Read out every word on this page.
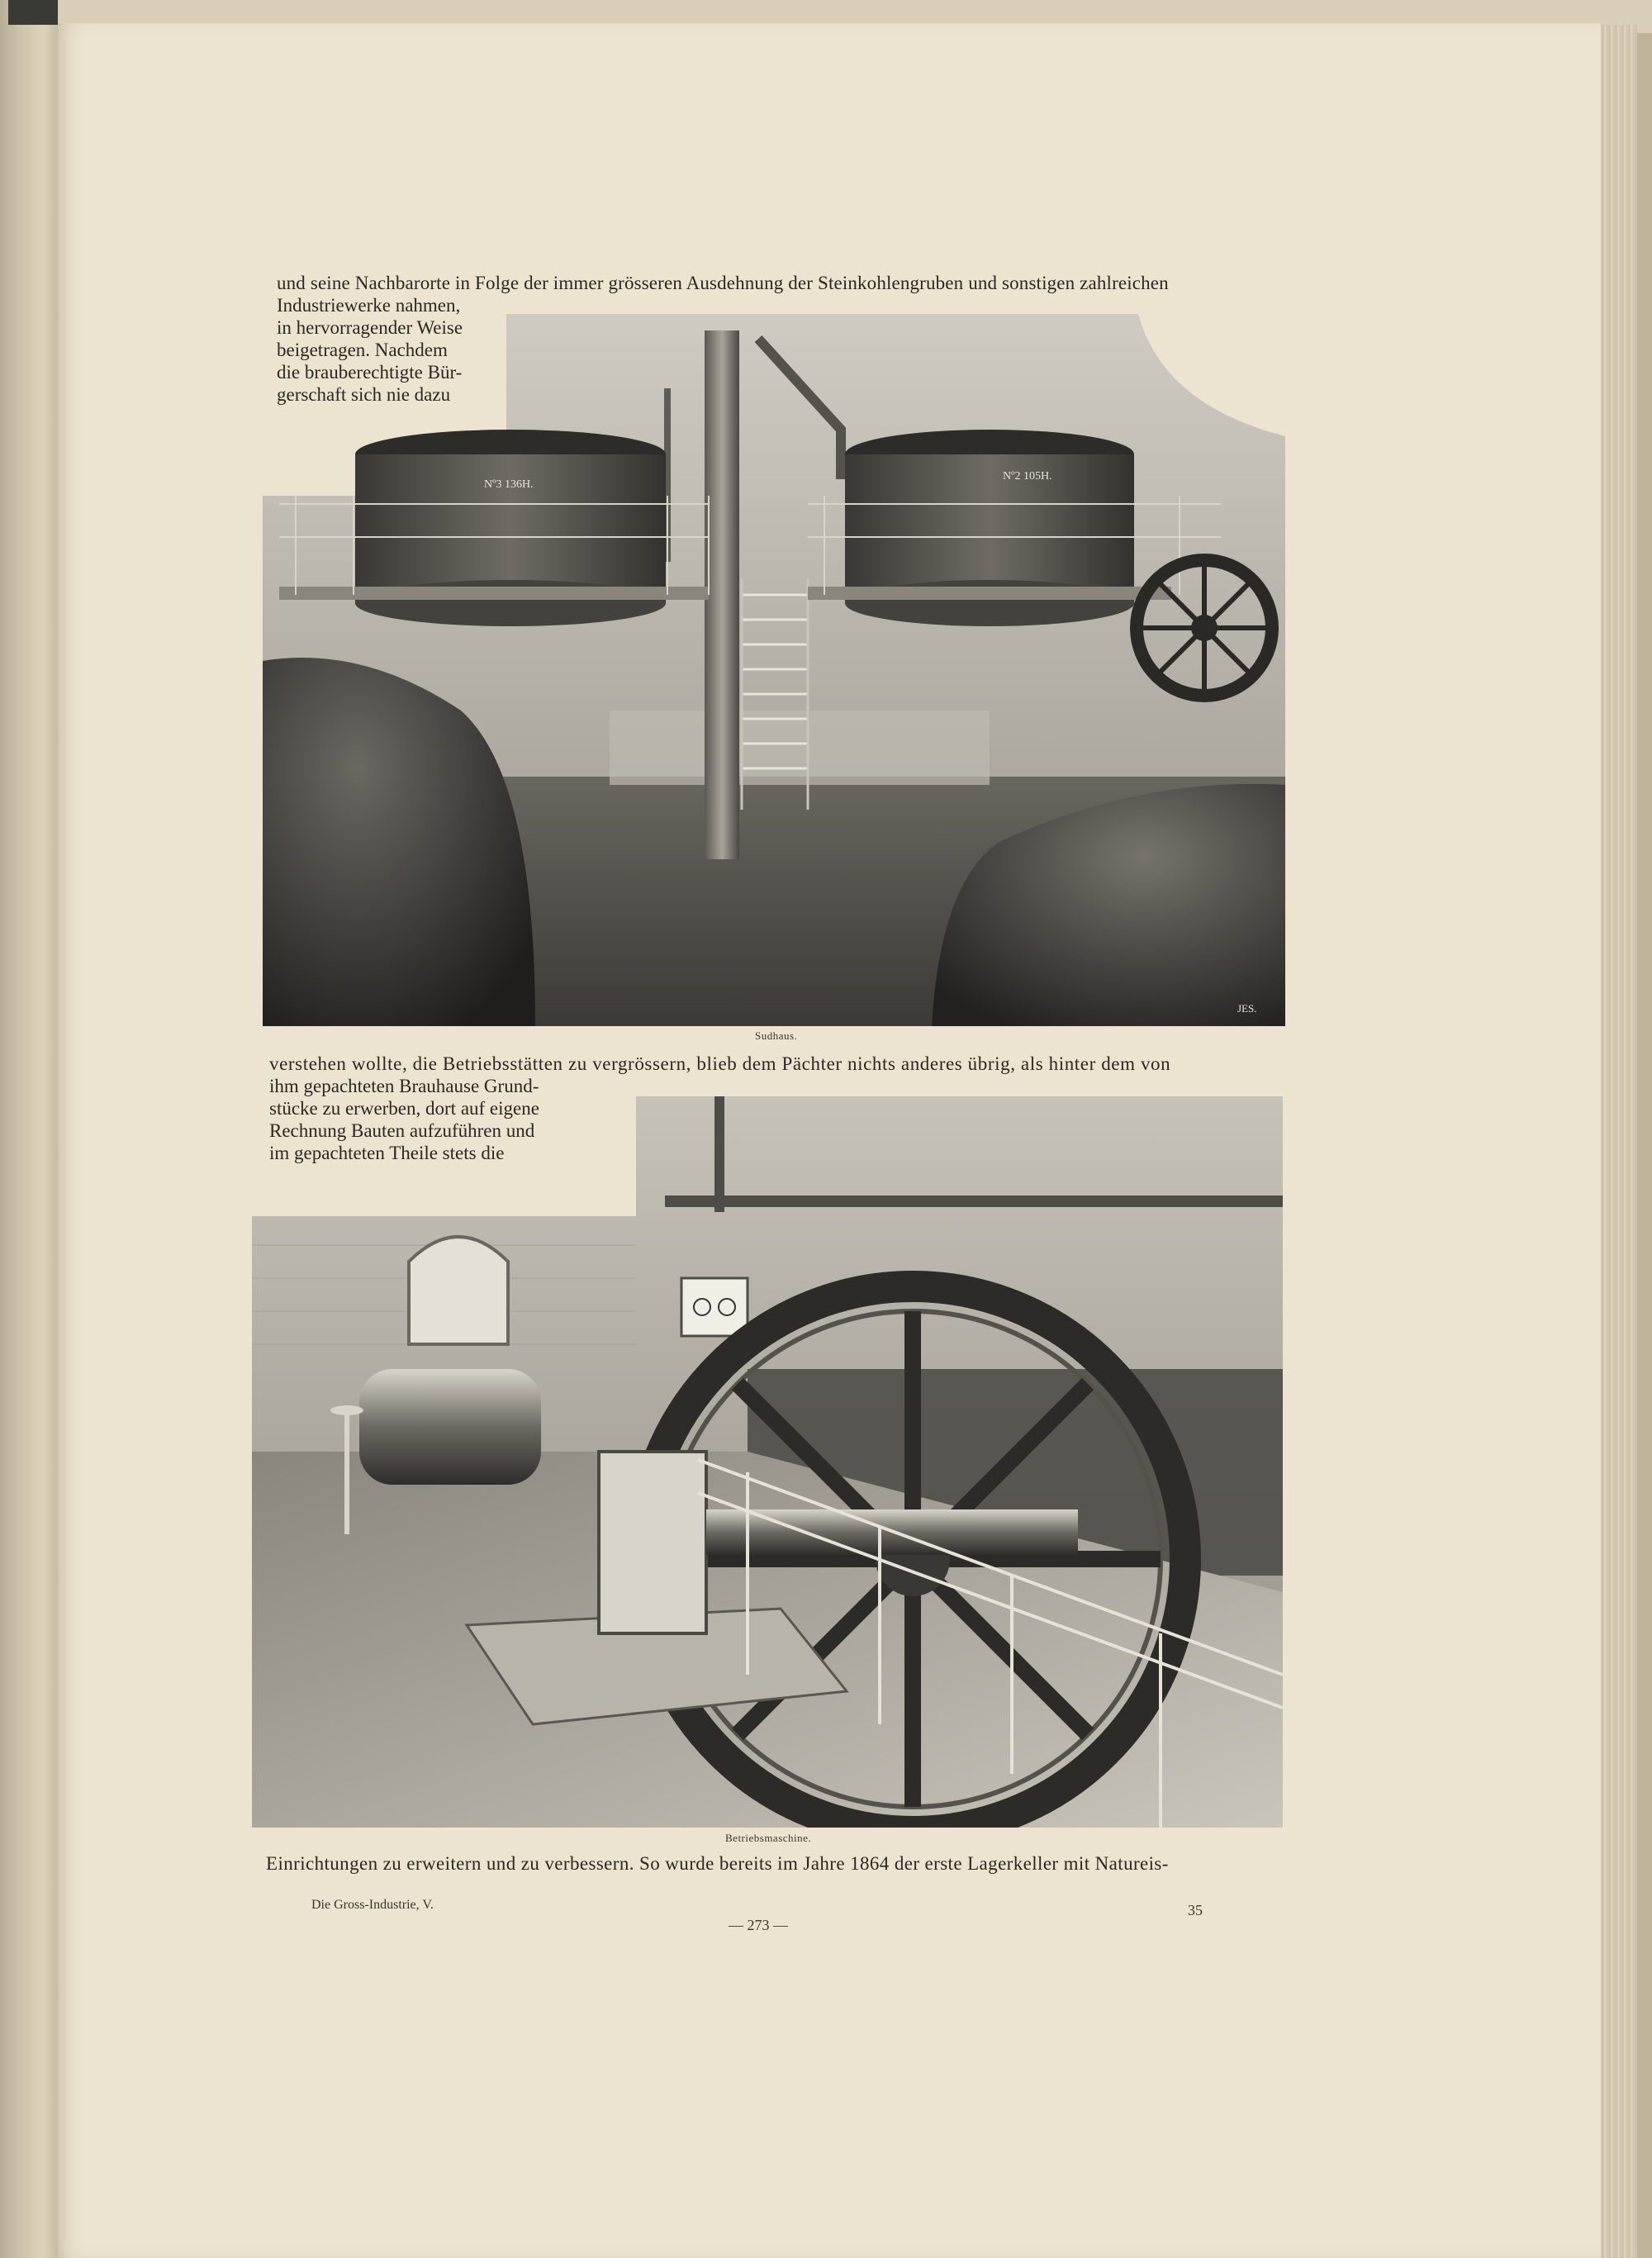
und seine Nachbarorte in Folge der immer grösseren Ausdehnung der Steinkohlengruben und sonstigen zahlreichen
Industriewerke nahmen,
in hervorragender Weise
beigetragen. Nachdem
die brauberechtigte Bür-
gerschaft sich nie dazu
Nº3 136H.
Nº2 105H.
JES.
Sudhaus.
verstehen wollte, die Betriebsstätten zu vergrössern, blieb dem Pächter nichts anderes übrig, als hinter dem von
ihm gepachteten Brauhause Grund-
stücke zu erwerben, dort auf eigene
Rechnung Bauten aufzuführen und
im gepachteten Theile stets die
Betriebsmaschine.
Einrichtungen zu erweitern und zu verbessern. So wurde bereits im Jahre 1864 der erste Lagerkeller mit Natureis-
Die Gross-Industrie, V.
— 273 —
35
